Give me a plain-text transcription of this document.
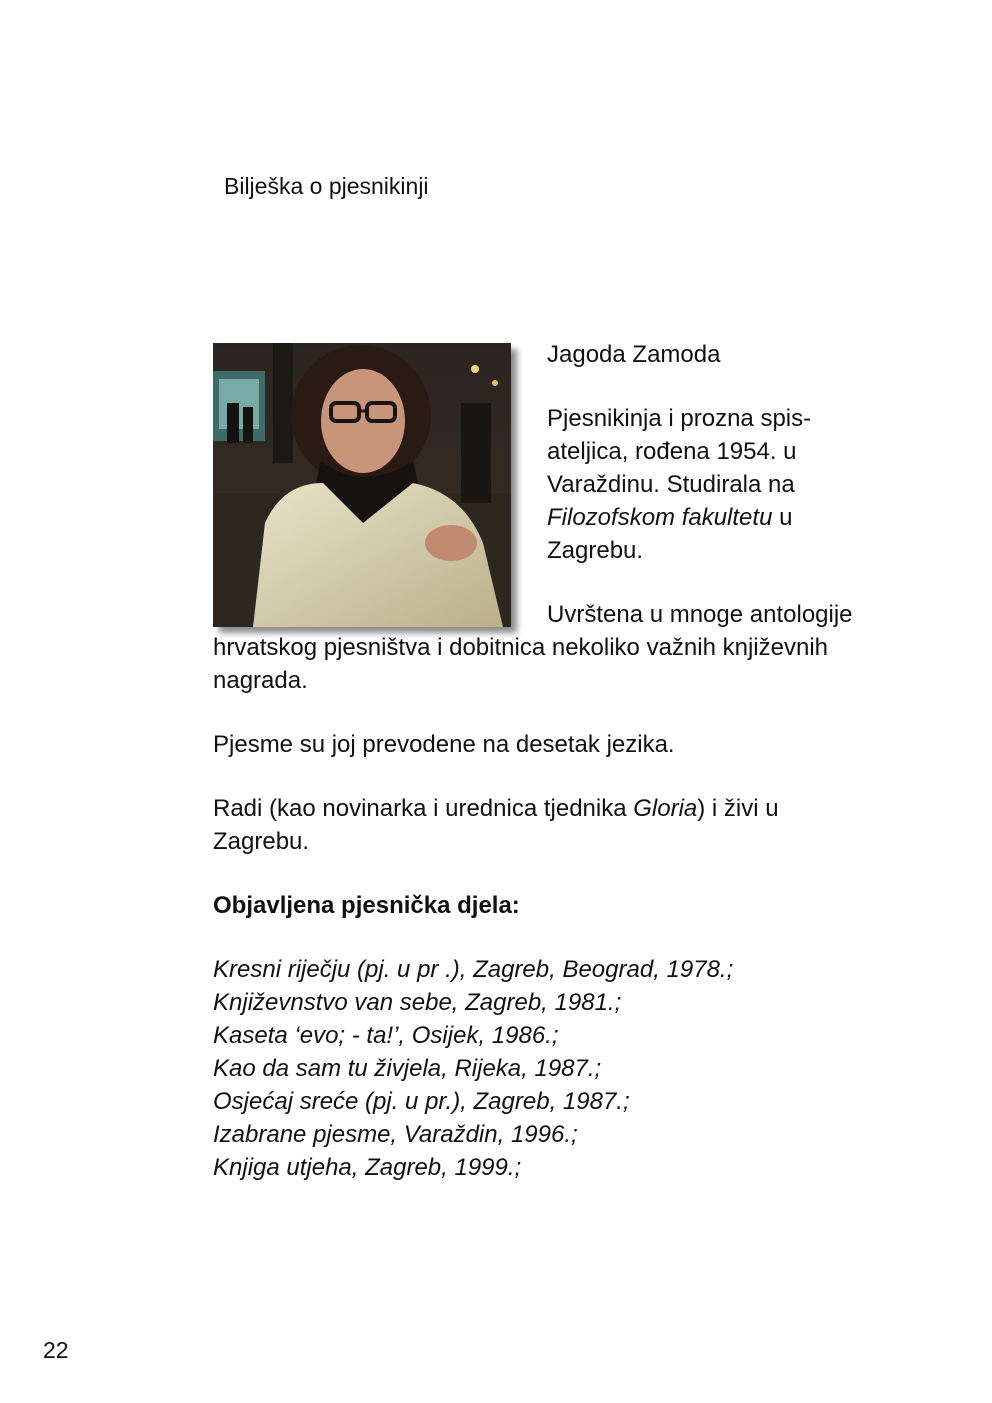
Bilješka o pjesnikinji

Jagoda Zamoda

Pjesnikinja i prozna spis-ateljica, rođena 1954. u Varaždinu. Studirala na Filozofskom fakultetu u Zagrebu.

Uvrštena u mnoge antologije hrvatskog pjesništva i dobitnica nekoliko važnih književnih nagrada.

Pjesme su joj prevodene na desetak jezika.

Radi (kao novinarka i urednica tjednika Gloria) i živi u Zagrebu.

Objavljena pjesnička djela:

Kresni riječju (pj. u pr .), Zagreb, Beograd, 1978.;
Književnstvo van sebe, Zagreb, 1981.;
Kaseta ‘evo; - ta!’, Osijek, 1986.;
Kao da sam tu živjela, Rijeka, 1987.;
Osjećaj sreće (pj. u pr.), Zagreb, 1987.;
Izabrane pjesme, Varaždin, 1996.;
Knjiga utjeha, Zagreb, 1999.;
22
